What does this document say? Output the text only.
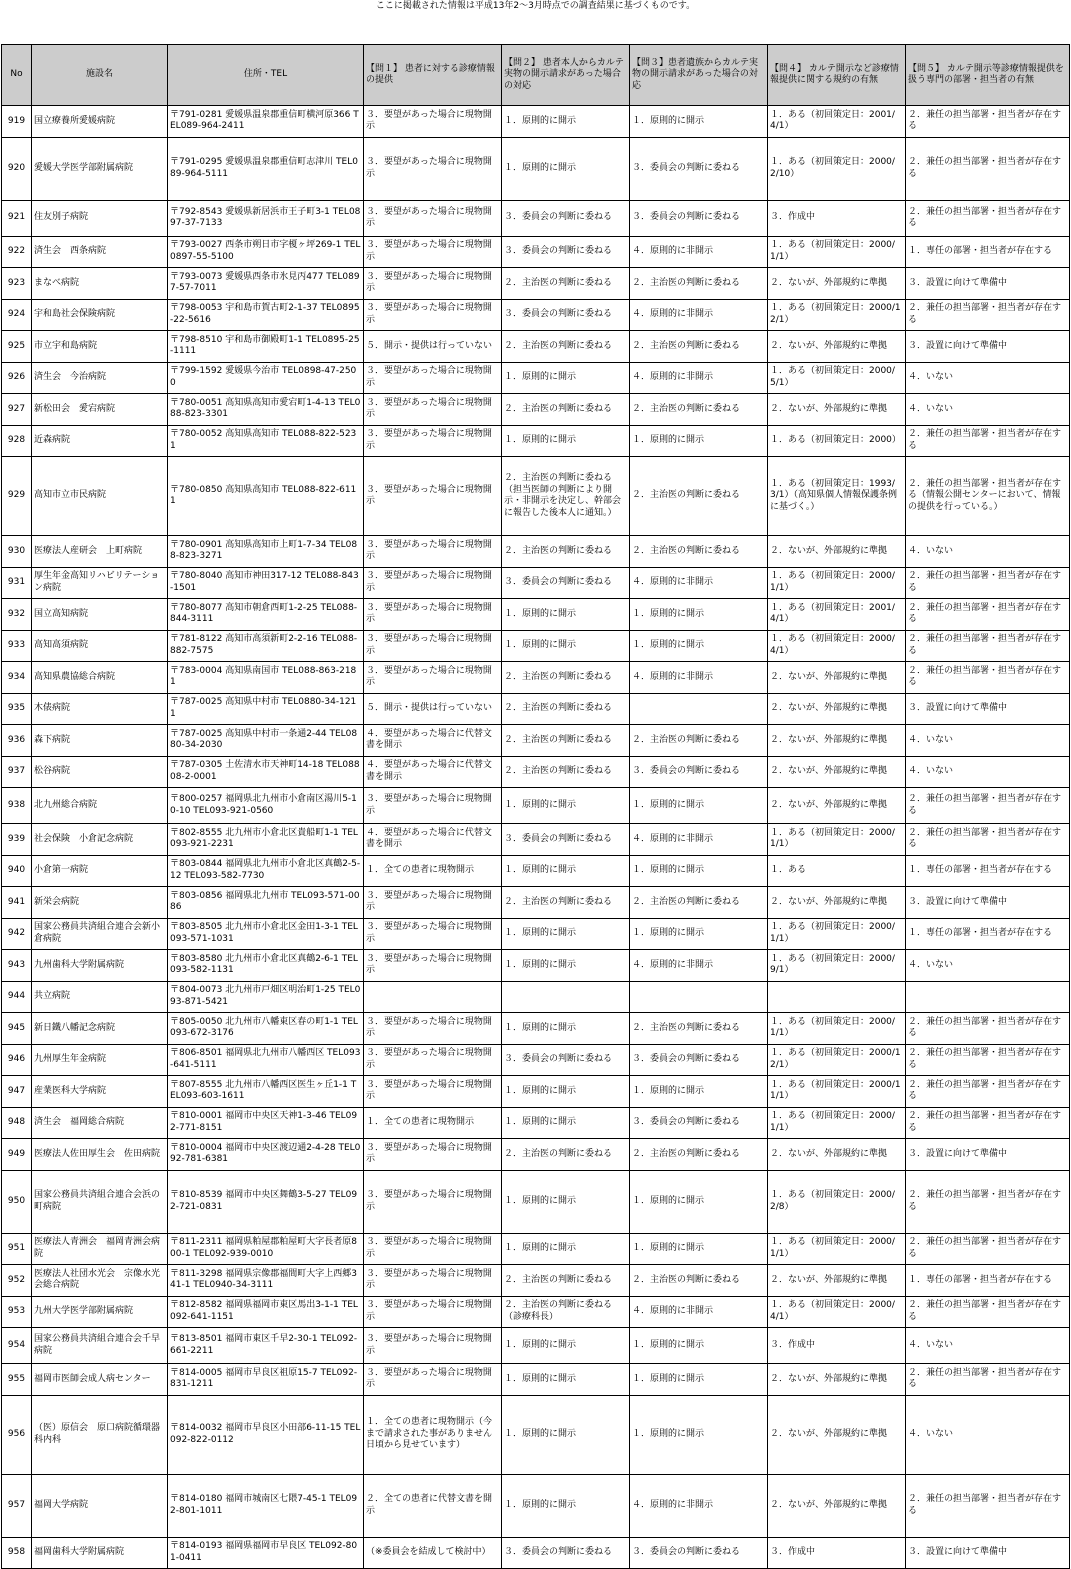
ここに掲載された情報は平成13年2～3月時点での調査結果に基づくものです。
No	施設名	住所・TEL	【問１】 患者に対する診療情報の提供	【問２】 患者本人からカルテ実物の開示請求があった場合の対応	【問３】患者遺族からカルテ実物の開示請求があった場合の対応	【問４】 カルテ開示など診療情報提供に関する規約の有無	【問５】 カルテ開示等診療情報提供を扱う専門の部署・担当者の有無
919	国立療養所愛媛病院	〒791-0281 愛媛県温泉郡重信町横河原366 TEL089-964-2411	３．要望があった場合に現物開示	１．原則的に開示	１．原則的に開示	１．ある（初回策定日：2001/4/1）	２．兼任の担当部署・担当者が存在する
920	愛媛大学医学部附属病院	〒791-0295 愛媛県温泉郡重信町志津川 TEL089-964-5111	３．要望があった場合に現物開示	１．原則的に開示	３．委員会の判断に委ねる	１．ある（初回策定日：2000/2/10）	２．兼任の担当部署・担当者が存在する
921	住友別子病院	〒792-8543 愛媛県新居浜市王子町3-1 TEL0897-37-7133	３．要望があった場合に現物開示	３．委員会の判断に委ねる	３．委員会の判断に委ねる	３．作成中	２．兼任の担当部署・担当者が存在する
922	済生会　西条病院	〒793-0027 西条市朔日市字榎ヶ坪269-1 TEL0897-55-5100	３．要望があった場合に現物開示	３．委員会の判断に委ねる	４．原則的に非開示	１．ある（初回策定日：2000/1/1）	１．専任の部署・担当者が存在する
923	まなべ病院	〒793-0073 愛媛県西条市氷見丙477 TEL0897-57-7011	３．要望があった場合に現物開示	２．主治医の判断に委ねる	２．主治医の判断に委ねる	２．ないが、外部規約に準拠	３．設置に向けて準備中
924	宇和島社会保険病院	〒798-0053 宇和島市賀古町2-1-37 TEL0895-22-5616	３．要望があった場合に現物開示	３．委員会の判断に委ねる	４．原則的に非開示	１．ある（初回策定日：2000/12/1）	２．兼任の担当部署・担当者が存在する
925	市立宇和島病院	〒798-8510 宇和島市御殿町1-1 TEL0895-25-1111	５．開示・提供は行っていない	２．主治医の判断に委ねる	２．主治医の判断に委ねる	２．ないが、外部規約に準拠	３．設置に向けて準備中
926	済生会　今治病院	〒799-1592 愛媛県今治市 TEL0898-47-2500	３．要望があった場合に現物開示	１．原則的に開示	４．原則的に非開示	１．ある（初回策定日：2000/5/1）	４．いない
927	新松田会　愛宕病院	〒780-0051 高知県高知市愛宕町1-4-13 TEL088-823-3301	３．要望があった場合に現物開示	２．主治医の判断に委ねる	２．主治医の判断に委ねる	２．ないが、外部規約に準拠	４．いない
928	近森病院	〒780-0052 高知県高知市 TEL088-822-5231	３．要望があった場合に現物開示	１．原則的に開示	１．原則的に開示	１．ある（初回策定日：2000）	２．兼任の担当部署・担当者が存在する
929	高知市立市民病院	〒780-0850 高知県高知市 TEL088-822-6111	３．要望があった場合に現物開示	２．主治医の判断に委ねる（担当医師の判断により開示・非開示を決定し、幹部会に報告した後本人に通知。）	２．主治医の判断に委ねる	１．ある（初回策定日：1993/3/1）（高知県個人情報保護条例に基づく。）	２．兼任の担当部署・担当者が存在する（情報公開センターにおいて、情報の提供を行っている。）
930	医療法人産研会　上町病院	〒780-0901 高知県高知市上町1-7-34 TEL088-823-3271	３．要望があった場合に現物開示	２．主治医の判断に委ねる	２．主治医の判断に委ねる	２．ないが、外部規約に準拠	４．いない
931	厚生年金高知リハビリテーション病院	〒780-8040 高知市神田317-12 TEL088-843-1501	３．要望があった場合に現物開示	３．委員会の判断に委ねる	４．原則的に非開示	１．ある（初回策定日：2000/1/1）	２．兼任の担当部署・担当者が存在する
932	国立高知病院	〒780-8077 高知市朝倉西町1-2-25 TEL088-844-3111	３．要望があった場合に現物開示	１．原則的に開示	１．原則的に開示	１．ある（初回策定日：2001/4/1）	２．兼任の担当部署・担当者が存在する
933	高知高須病院	〒781-8122 高知市高須新町2-2-16 TEL088-882-7575	３．要望があった場合に現物開示	１．原則的に開示	１．原則的に開示	１．ある（初回策定日：2000/4/1）	２．兼任の担当部署・担当者が存在する
934	高知県農協総合病院	〒783-0004 高知県南国市 TEL088-863-2181	３．要望があった場合に現物開示	２．主治医の判断に委ねる	４．原則的に非開示	２．ないが、外部規約に準拠	２．兼任の担当部署・担当者が存在する
935	木俵病院	〒787-0025 高知県中村市 TEL0880-34-1211	５．開示・提供は行っていない	２．主治医の判断に委ねる		２．ないが、外部規約に準拠	３．設置に向けて準備中
936	森下病院	〒787-0025 高知県中村市一条通2-44 TEL0880-34-2030	４．要望があった場合に代替文書を開示	２．主治医の判断に委ねる	２．主治医の判断に委ねる	２．ないが、外部規約に準拠	４．いない
937	松谷病院	〒787-0305 土佐清水市天神町14-18 TEL08808-2-0001	４．要望があった場合に代替文書を開示	２．主治医の判断に委ねる	３．委員会の判断に委ねる	２．ないが、外部規約に準拠	４．いない
938	北九州総合病院	〒800-0257 福岡県北九州市小倉南区湯川5-10-10 TEL093-921-0560	３．要望があった場合に現物開示	１．原則的に開示	１．原則的に開示	２．ないが、外部規約に準拠	２．兼任の担当部署・担当者が存在する
939	社会保険　小倉記念病院	〒802-8555 北九州市小倉北区貴船町1-1 TEL093-921-2231	４．要望があった場合に代替文書を開示	３．委員会の判断に委ねる	４．原則的に非開示	１．ある（初回策定日：2000/1/1）	２．兼任の担当部署・担当者が存在する
940	小倉第一病院	〒803-0844 福岡県北九州市小倉北区真鶴2-5-12 TEL093-582-7730	１．全ての患者に現物開示	１．原則的に開示	１．原則的に開示	１．ある	１．専任の部署・担当者が存在する
941	新栄会病院	〒803-0856 福岡県北九州市 TEL093-571-0086	３．要望があった場合に現物開示	２．主治医の判断に委ねる	２．主治医の判断に委ねる	２．ないが、外部規約に準拠	３．設置に向けて準備中
942	国家公務員共済組合連合会新小倉病院	〒803-8505 北九州市小倉北区金田1-3-1 TEL093-571-1031	３．要望があった場合に現物開示	１．原則的に開示	１．原則的に開示	１．ある（初回策定日：2000/1/1）	１．専任の部署・担当者が存在する
943	九州歯科大学附属病院	〒803-8580 北九州市小倉北区真鶴2-6-1 TEL093-582-1131	３．要望があった場合に現物開示	１．原則的に開示	４．原則的に非開示	１．ある（初回策定日：2000/9/1）	４．いない
944	共立病院	〒804-0073 北九州市戸畑区明治町1-25 TEL093-871-5421					
945	新日鐵八幡記念病院	〒805-0050 北九州市八幡東区春の町1-1 TEL093-672-3176	３．要望があった場合に現物開示	１．原則的に開示	２．主治医の判断に委ねる	１．ある（初回策定日：2000/1/1）	２．兼任の担当部署・担当者が存在する
946	九州厚生年金病院	〒806-8501 福岡県北九州市八幡西区 TEL093-641-5111	３．要望があった場合に現物開示	３．委員会の判断に委ねる	３．委員会の判断に委ねる	１．ある（初回策定日：2000/12/1）	２．兼任の担当部署・担当者が存在する
947	産業医科大学病院	〒807-8555 北九州市八幡西区医生ヶ丘1-1 TEL093-603-1611	３．要望があった場合に現物開示	１．原則的に開示	１．原則的に開示	１．ある（初回策定日：2000/11/1）	２．兼任の担当部署・担当者が存在する
948	済生会　福岡総合病院	〒810-0001 福岡市中央区天神1-3-46 TEL092-771-8151	１．全ての患者に現物開示	１．原則的に開示	３．委員会の判断に委ねる	１．ある（初回策定日：2000/1/1）	２．兼任の担当部署・担当者が存在する
949	医療法人佐田厚生会　佐田病院	〒810-0004 福岡市中央区渡辺通2-4-28 TEL092-781-6381	３．要望があった場合に現物開示	２．主治医の判断に委ねる	２．主治医の判断に委ねる	２．ないが、外部規約に準拠	３．設置に向けて準備中
950	国家公務員共済組合連合会浜の町病院	〒810-8539 福岡市中央区舞鶴3-5-27 TEL092-721-0831	３．要望があった場合に現物開示	１．原則的に開示	１．原則的に開示	１．ある（初回策定日：2000/2/8）	２．兼任の担当部署・担当者が存在する
951	医療法人青洲会　福岡青洲会病院	〒811-2311 福岡県粕屋郡粕屋町大字長者原800-1 TEL092-939-0010	３．要望があった場合に現物開示	１．原則的に開示	１．原則的に開示	１．ある（初回策定日：2000/1/1）	２．兼任の担当部署・担当者が存在する
952	医療法人社団水光会　宗像水光会総合病院	〒811-3298 福岡県宗像郡福間町大字上西郷341-1 TEL0940-34-3111	３．要望があった場合に現物開示	２．主治医の判断に委ねる	２．主治医の判断に委ねる	２．ないが、外部規約に準拠	１．専任の部署・担当者が存在する
953	九州大学医学部附属病院	〒812-8582 福岡県福岡市東区馬出3-1-1 TEL092-641-1151	３．要望があった場合に現物開示	２．主治医の判断に委ねる（診療科長）	４．原則的に非開示	１．ある（初回策定日：2000/4/1）	２．兼任の担当部署・担当者が存在する
954	国家公務員共済組合連合会千早病院	〒813-8501 福岡市東区千早2-30-1 TEL092-661-2211	３．要望があった場合に現物開示	１．原則的に開示	１．原則的に開示	３．作成中	４．いない
955	福岡市医師会成人病センター	〒814-0005 福岡市早良区祖原15-7 TEL092-831-1211	３．要望があった場合に現物開示	１．原則的に開示	１．原則的に開示	２．ないが、外部規約に準拠	２．兼任の担当部署・担当者が存在する
956	（医）原信会　原口病院循環器科内科	〒814-0032 福岡市早良区小田部6-11-15 TEL092-822-0112	１．全ての患者に現物開示（今まで請求された事がありません日頃から見せています）	１．原則的に開示	１．原則的に開示	２．ないが、外部規約に準拠	４．いない
957	福岡大学病院	〒814-0180 福岡市城南区七隈7-45-1 TEL092-801-1011	２．全ての患者に代替文書を開示	１．原則的に開示	４．原則的に非開示	２．ないが、外部規約に準拠	２．兼任の担当部署・担当者が存在する
958	福岡歯科大学附属病院	〒814-0193 福岡県福岡市早良区 TEL092-801-0411	（※委員会を結成して検討中）	３．委員会の判断に委ねる	３．委員会の判断に委ねる	３．作成中	３．設置に向けて準備中
